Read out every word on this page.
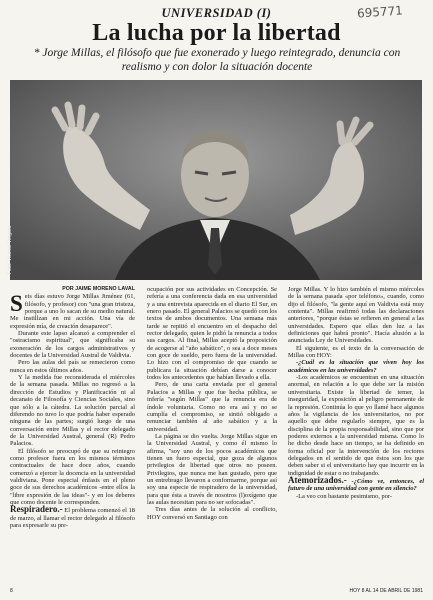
UNIVERSIDAD (I)	695771
La lucha por la libertad
* Jorge Millas, el filósofo que fue exonerado y luego reintegrado, denuncia con realismo y con dolor la situación docente
Foto: Vicente Vergara

POR JAIME MORENO LAVAL

Seis días estuvo Jorge Millas Jiménez (61, filósofo, y profesor) con "una gran tristeza, porque a uno lo sacan de su medio natural. Me instillzan en mi acción. Una vía de expresión mía, de creación desaparece".

Durante este lapso alcanzó a comprender el "ostracismo espiritual", que significaba su exoneración de los cargos administrativos y docentes de la Universidad Austral de Valdivia.

Pero las aulas del país se remecieron como nunca en estos últimos años.

Y la medida fue reconsiderada el miércoles de la semana pasada. Millas no regresó a la dirección de Estudios y Planificación ni al decanato de Filosofía y Ciencias Sociales, sino que sólo a la cátedra. La solución parcial al diferendo no tuvo lo que podría haber esperado ninguna de las partes; surgió luego de una conversación entre Millas y el rector delegado de la Universidad Austral, general (R) Pedro Palacios.

El filósofo se preocupó de que su reintegro como profesor fuera en los mismos términos contractuales de hace doce años, cuando comenzó a ejercer la docencia en la universidad valdiviana. Pone especial énfasis en el pleno goce de sus derechos académicos -entre ellos la "libre expresión de las ideas"- y en los deberes que como docente le corresponden.

Respiradero.- El problema comenzó el 18 de marzo, al llamar el rector delegado al filósofo para expresarle su pre-

ocupación por sus actividades en Concepción. Se refería a una conferencia dada en esa universidad y a una entrevista aparecida en el diario El Sur, en enero pasado. El general Palacios se quedó con los textos de ambos documentos. Una semana más tarde se repitió el encuentro en el despacho del rector delegado, quien le pidió la renuncia a todos sus cargos. Al final, Millas aceptó la proposición de acogerse al "año sabático", o sea a doce meses con goce de sueldo, pero fuera de la universidad. Lo hizo con el compromiso de que cuando se publicara la situación debían darse a conocer todos los antecedentes que habían llevado a ella.

Pero, de una carta enviada por el general Palacios a Millas y que fue hecha pública, se infería "según Millas" que la renuncia era de índole voluntaria. Como no era así y no se cumplía el compromiso, se sintió obligado a renunciar también al año sabático y a la universidad.

La página se dio vuelta. Jorge Millas sigue en la Universidad Austral, y como él mismo lo afirma, "soy uno de los pocos académicos que tienen un fuero especial, que goza de algunos privilegios de libertad que otros no poseen. Privilegios, que nunca me han gustado, pero que un entrebrago llevaron a conformarme, porque así soy una especie de respiradero de la universidad, para que ésta a través de nosotros (l)oxígeno que las aulas necesitan para no ser sofocadas".

Tres días antes de la solución al conflicto, HOY conversó en Santiago con

Jorge Millas. Y lo hizo también el mismo miércoles de la semana pasada «por teléfono», cuando, como dijo el filósofo, "la gente aquí en Valdivia está muy contenta". Millas reafirmó todas las declaraciones anteriores, "porque éstas se refieren en general a las universidades. Espero que ellas den luz a las definiciones que habrá pronto". Hacía alusión a la anunciada Ley de Universidades.

El siguiente, es el texto de la conversación de Millas con HOY:

-¿Cuál es la situación que viven hoy los académicos en las universidades?

-Los académicos se encuentran en una situación anormal, en relación a lo que debe ser la misión universitaria. Existe la libertad de temer, la inseguridad, la exposición al peligro permanente de la represión. Continúa lo que yo llamé hace algunos años la vigilancia de los universitarios, no por aquello que debe regularlo siempre, que es la disciplina de la propia responsabilidad, sino que por poderes externos a la universidad misma. Como lo he dicho desde hace un tiempo, se ha definido en forma oficial por la intervención de los rectores delegados en el sentido de que éstos son los que deben saber si el universitario hay que incurrir en la indignidad de estar o no trabajando.

Atemorizados.- -¿Cómo ve, entonces, el futuro de una universidad con gente en silencio?

-La veo con bastante pesimismo, por-

8	HOY 8 AL 14 DE ABRIL DE 1981
